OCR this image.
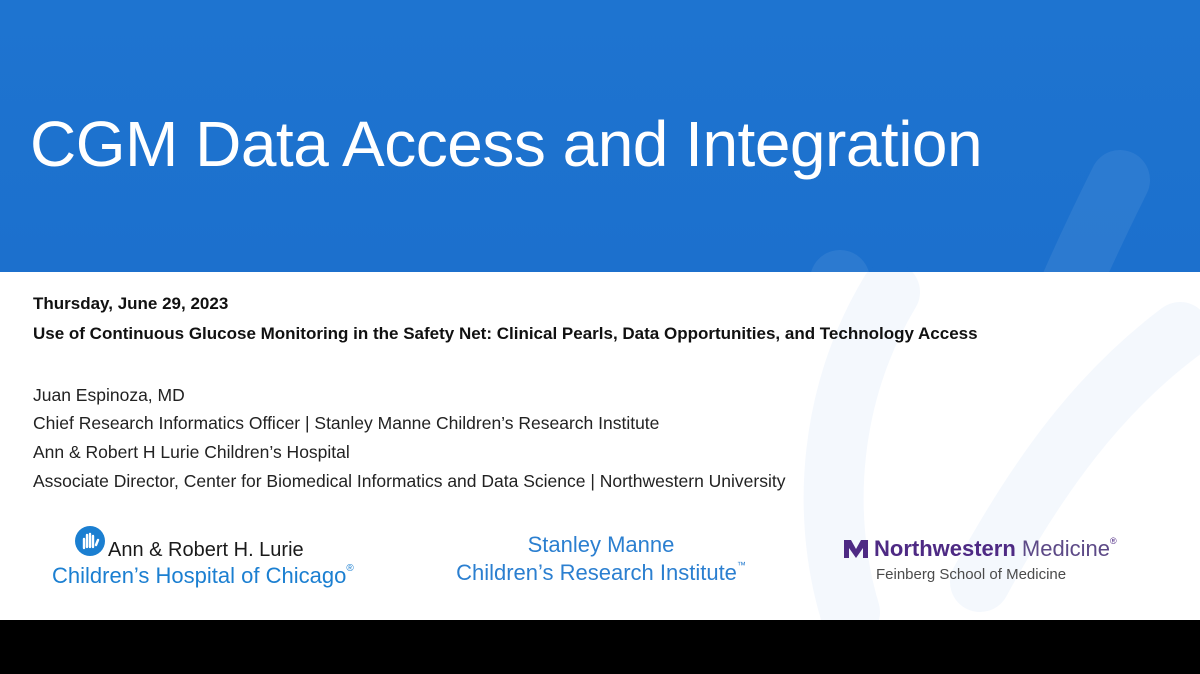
CGM Data Access and Integration
Thursday, June 29, 2023
Use of Continuous Glucose Monitoring in the Safety Net: Clinical Pearls, Data Opportunities, and Technology Access
Juan Espinoza, MD
Chief Research Informatics Officer | Stanley Manne Children’s Research Institute
Ann & Robert H Lurie Children’s Hospital
Associate Director, Center for Biomedical Informatics and Data Science | Northwestern University
Ann & Robert H. Lurie
Children’s Hospital of Chicago®
Stanley Manne
Children’s Research Institute™
Northwestern Medicine®
Feinberg School of Medicine
